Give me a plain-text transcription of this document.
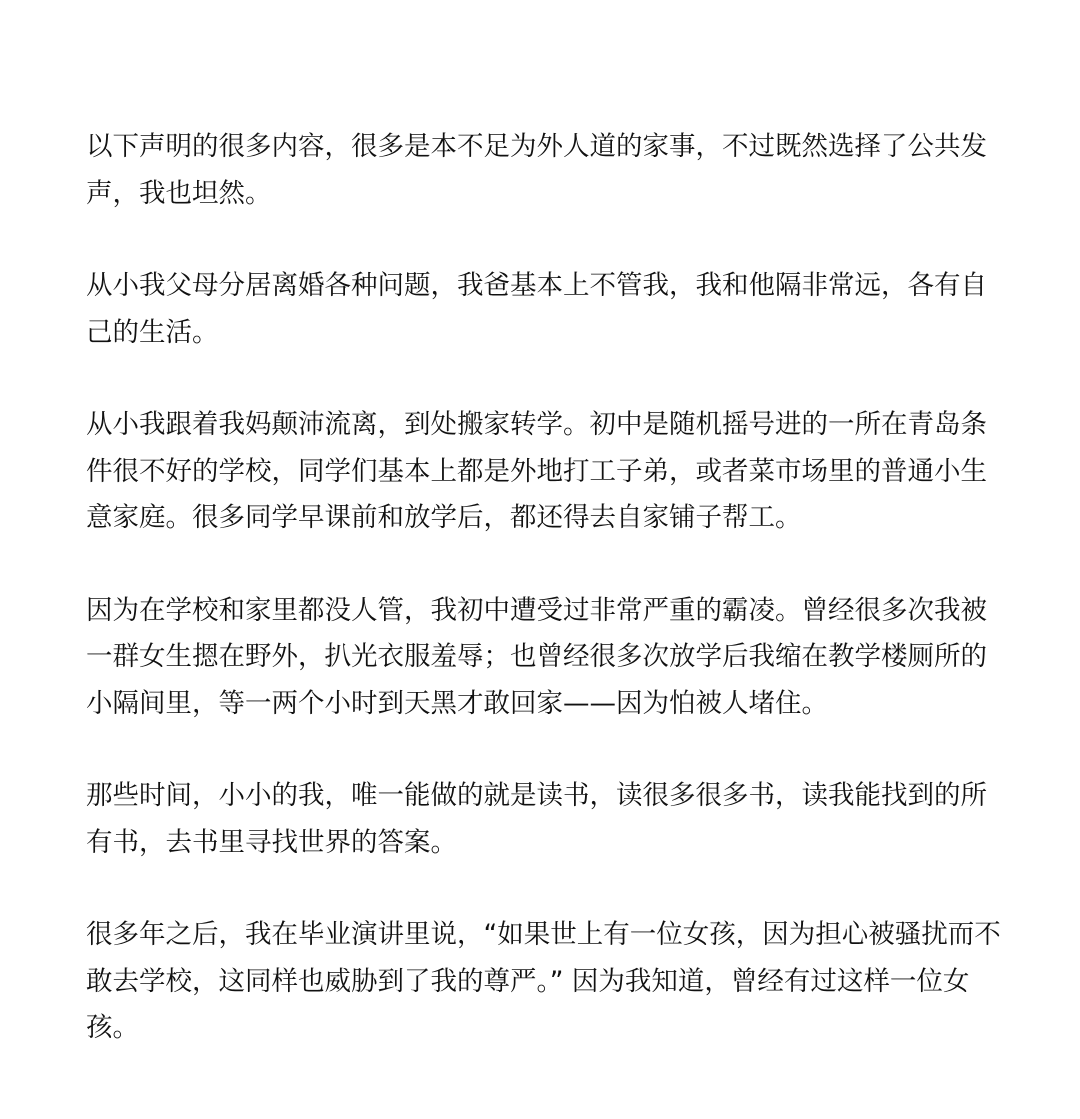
以下声明的很多内容，很多是本不足为外人道的家事，不过既然选择了公共发
声，我也坦然。

从小我父母分居离婚各种问题，我爸基本上不管我，我和他隔非常远，各有自
己的生活。

从小我跟着我妈颠沛流离，到处搬家转学。初中是随机摇号进的一所在青岛条
件很不好的学校，同学们基本上都是外地打工子弟，或者菜市场里的普通小生
意家庭。很多同学早课前和放学后，都还得去自家铺子帮工。

因为在学校和家里都没人管，我初中遭受过非常严重的霸凌。曾经很多次我被
一群女生摁在野外，扒光衣服羞辱；也曾经很多次放学后我缩在教学楼厕所的
小隔间里，等一两个小时到天黑才敢回家——因为怕被人堵住。

那些时间，小小的我，唯一能做的就是读书，读很多很多书，读我能找到的所
有书，去书里寻找世界的答案。

很多年之后，我在毕业演讲里说，“如果世上有一位女孩，因为担心被骚扰而不
敢去学校，这同样也威胁到了我的尊严。” 因为我知道，曾经有过这样一位女
孩。
